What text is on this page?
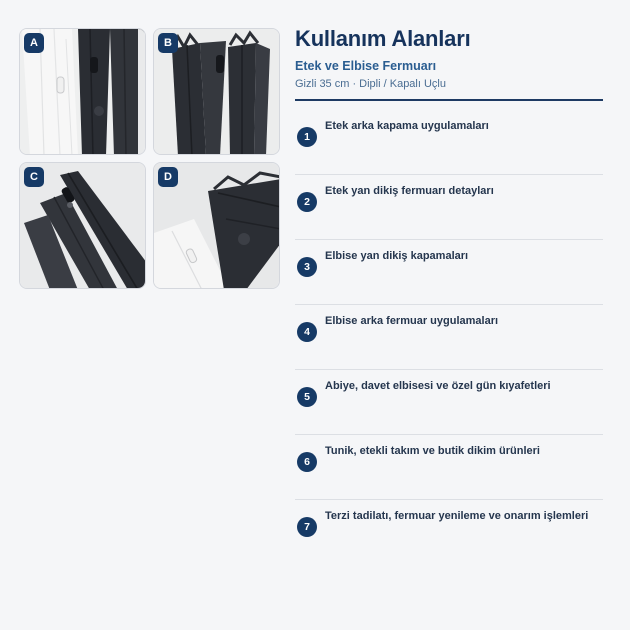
A	B
C	D
Kullanım Alanları
Etek ve Elbise Fermuarı
Gizli 35 cm · Dipli / Kapalı Uçlu
1
Etek arka kapama uygulamaları
2
Etek yan dikiş fermuarı detayları
3
Elbise yan dikiş kapamaları
4
Elbise arka fermuar uygulamaları
5
Abiye, davet elbisesi ve özel gün kıyafetleri
6
Tunik, etekli takım ve butik dikim ürünleri
7
Terzi tadilatı, fermuar yenileme ve onarım işlemleri
